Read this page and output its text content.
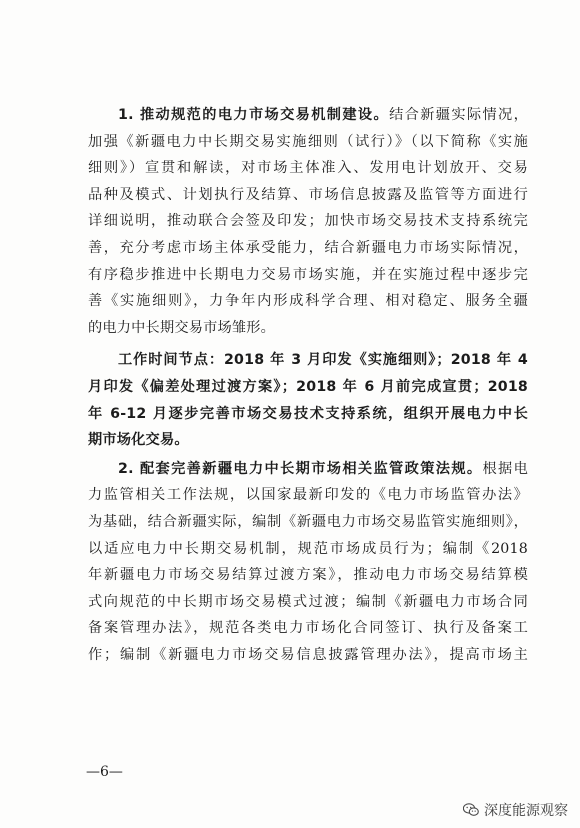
1. 推动规范的电力市场交易机制建设。结合新疆实际情况，
加强《新疆电力中长期交易实施细则（试行）》（以下简称《实施
细则》）宣贯和解读，对市场主体准入、发用电计划放开、交易
品种及模式、计划执行及结算、市场信息披露及监管等方面进行
详细说明，推动联合会签及印发；加快市场交易技术支持系统完
善，充分考虑市场主体承受能力，结合新疆电力市场实际情况，
有序稳步推进中长期电力交易市场实施，并在实施过程中逐步完
善《实施细则》，力争年内形成科学合理、相对稳定、服务全疆
的电力中长期交易市场雏形。
工作时间节点：2018 年 3 月印发《实施细则》；2018 年 4
月印发《偏差处理过渡方案》；2018 年 6 月前完成宣贯；2018
年 6-12 月逐步完善市场交易技术支持系统，组织开展电力中长
期市场化交易。
2. 配套完善新疆电力中长期市场相关监管政策法规。根据电
力监管相关工作法规，以国家最新印发的《电力市场监管办法》
为基础，结合新疆实际，编制《新疆电力市场交易监管实施细则》，
以适应电力中长期交易机制，规范市场成员行为；编制《2018
年新疆电力市场交易结算过渡方案》，推动电力市场交易结算模
式向规范的中长期市场交易模式过渡；编制《新疆电力市场合同
备案管理办法》，规范各类电力市场化合同签订、执行及备案工
作；编制《新疆电力市场交易信息披露管理办法》，提高市场主
—6—
深度能源观察
